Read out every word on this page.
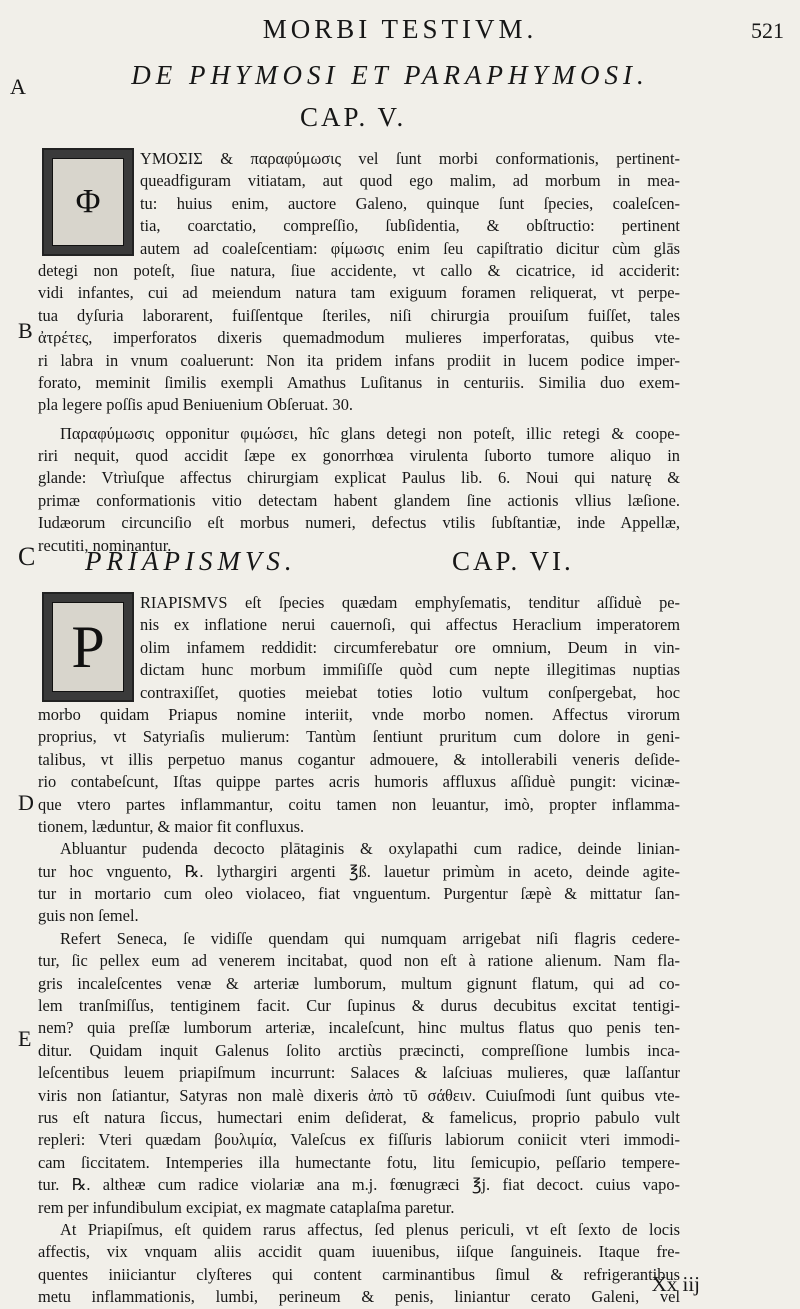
MORBI TESTIVM.	521
A
B
C
D
E
DE PHYMOSI ET PARAPHYMOSI.
CAP. V.
Φ
ΥΜΟΣΙΣ & παραφύμωσις vel ſunt morbi conformationis, pertinent-
queadfiguram vitiatam, aut quod ego malim, ad morbum in mea-
tu: huius enim, auctore Galeno, quinque ſunt ſpecies, coaleſcen-
tia, coarctatio, compreſſio, ſubſidentia, & obſtructio: pertinent
autem ad coaleſcentiam: φίμωσις enim ſeu capiſtratio dicitur cùm glās
detegi non poteſt, ſiue natura, ſiue accidente, vt callo & cicatrice, id acciderit:
vidi infantes, cui ad meiendum natura tam exiguum foramen reliquerat, vt perpe-
tua dyſuria laborarent, fuiſſentque ſteriles, niſi chirurgia prouiſum fuiſſet, tales
ἀτρέτες, imperforatos dixeris quemadmodum mulieres imperforatas, quibus vte-
ri labra in vnum coaluerunt: Non ita pridem infans prodiit in lucem podice imper-
forato, meminit ſimilis exempli Amathus Luſitanus in centuriis. Similia duo exem-
pla legere poſſis apud Beniuenium Obſeruat. 30.
Παραφύμωσις opponitur φιμώσει, hîc glans detegi non poteſt, illic retegi & coope-
riri nequit, quod accidit ſæpe ex gonorrhœa virulenta ſuborto tumore aliquo in
glande: Vtrìuſque affectus chirurgiam explicat Paulus lib. 6. Noui qui naturę &
primæ conformationis vitio detectam habent glandem ſine actionis vllius læſione.
Iudæorum circunciſio eſt morbus numeri, defectus vtilis ſubſtantiæ, inde Appellæ,
recutiti, nominantur.
PRIAPISMVS.	CAP. VI.
P
RIAPISMVS eſt ſpecies quædam emphyſematis, tenditur aſſiduè pe-
nis ex inflatione nerui cauernoſi, qui affectus Heraclium imperatorem
olim infamem reddidit: circumferebatur ore omnium, Deum in vin-
dictam hunc morbum immiſiſſe quòd cum nepte illegitimas nuptias
contraxiſſet, quoties meiebat toties lotio vultum conſpergebat, hoc
morbo quidam Priapus nomine interiit, vnde morbo nomen. Affectus virorum
proprius, vt Satyriaſis mulierum: Tantùm ſentiunt pruritum cum dolore in geni-
talibus, vt illis perpetuo manus cogantur admouere, & intollerabili veneris deſide-
rio contabeſcunt, Iſtas quippe partes acris humoris affluxus aſſiduè pungit: vicinæ-
que vtero partes inflammantur, coitu tamen non leuantur, imò, propter inflamma-
tionem, læduntur, & maior fit confluxus.
Abluantur pudenda decocto plātaginis & oxylapathi cum radice, deinde linian-
tur hoc vnguento, ℞. lythargiri argenti ℥ß. lauetur primùm in aceto, deinde agite-
tur in mortario cum oleo violaceo, fiat vnguentum. Purgentur ſæpè & mittatur ſan-
guis non ſemel.
Refert Seneca, ſe vidiſſe quendam qui numquam arrigebat niſi flagris cedere-
tur, ſic pellex eum ad venerem incitabat, quod non eſt à ratione alienum. Nam fla-
gris incaleſcentes venæ & arteriæ lumborum, multum gignunt flatum, qui ad co-
lem tranſmiſſus, tentiginem facit. Cur ſupinus & durus decubitus excitat tentigi-
nem? quia preſſæ lumborum arteriæ, incaleſcunt, hinc multus flatus quo penis ten-
ditur. Quidam inquit Galenus ſolito arctiùs præcincti, compreſſione lumbis inca-
leſcentibus leuem priapiſmum incurrunt: Salaces & laſciuas mulieres, quæ laſſantur
viris non ſatiantur, Satyras non malè dixeris ἀπὸ τῦ σάθειν. Cuiuſmodi ſunt quibus vte-
rus eſt natura ſiccus, humectari enim deſiderat, & famelicus, proprio pabulo vult
repleri: Vteri quædam βουλιμία, Valeſcus ex fiſſuris labiorum coniicit vteri immodi-
cam ſiccitatem. Intemperies illa humectante fotu, litu ſemicupio, peſſario tempere-
tur. ℞. altheæ cum radice violariæ ana m.j. fœnugræci ℥j. fiat decoct. cuius vapo-
rem per infundibulum excipiat, ex magmate cataplaſma paretur.
At Priapiſmus, eſt quidem rarus affectus, ſed plenus periculi, vt eſt ſexto de locis
affectis, vix vnquam aliis accidit quam iuuenibus, iiſque ſanguineis. Itaque fre-
quentes iniiciantur clyſteres qui content carminantibus ſimul & refrigerantibus
metu inflammationis, lumbi, perineum & penis, liniantur cerato Galeni, vel
Xx iij
